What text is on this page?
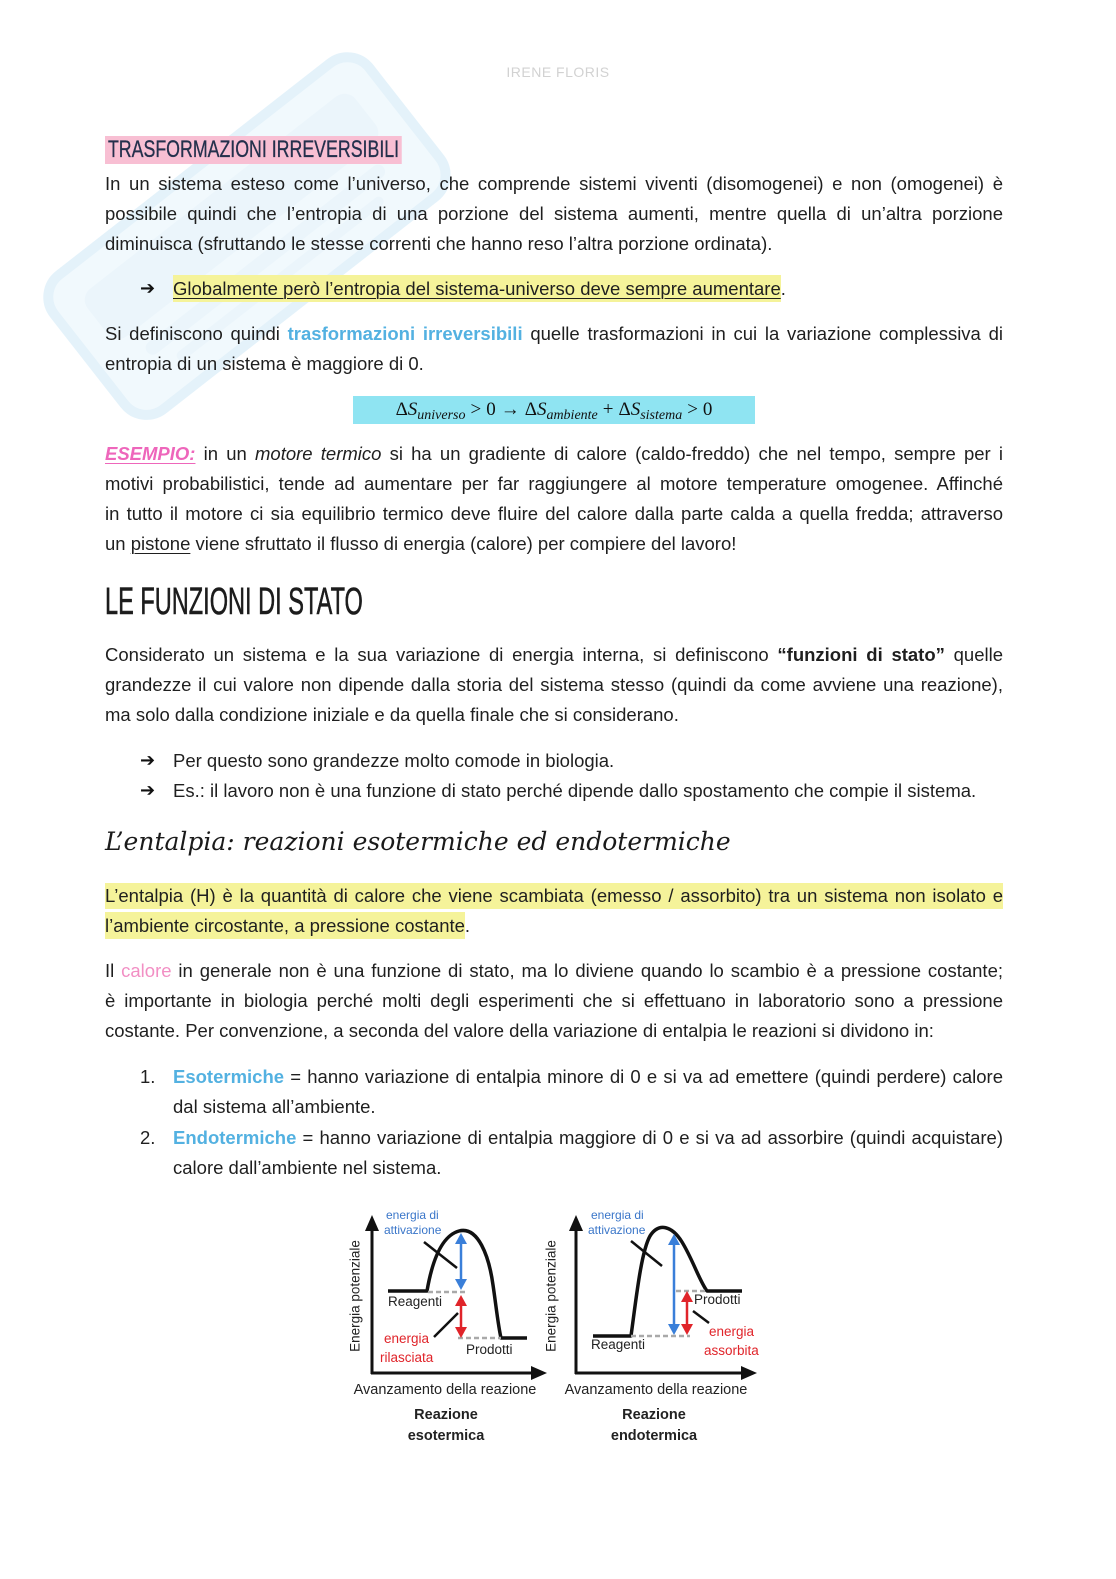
IRENE FLORIS
TRASFORMAZIONI IRREVERSIBILI
In un sistema esteso come l’universo, che comprende sistemi viventi (disomogenei) e non (omogenei) è
possibile quindi che l’entropia di una porzione del sistema aumenti, mentre quella di un’altra porzione
diminuisca (sfruttando le stesse correnti che hanno reso l’altra porzione ordinata).
➔ Globalmente però l’entropia del sistema-universo deve sempre aumentare.
Si definiscono quindi trasformazioni irreversibili quelle trasformazioni in cui la variazione complessiva di
entropia di un sistema è maggiore di 0.
$\Delta S_{universo} > 0 \to \Delta S_{ambiente} + \Delta S_{sistema} > 0$
ESEMPIO: in un motore termico si ha un gradiente di calore (caldo-freddo) che nel tempo, sempre per i
motivi probabilistici, tende ad aumentare per far raggiungere al motore temperature omogenee. Affinché
in tutto il motore ci sia equilibrio termico deve fluire del calore dalla parte calda a quella fredda; attraverso
un pistone viene sfruttato il flusso di energia (calore) per compiere del lavoro!
LE FUNZIONI DI STATO
Considerato un sistema e la sua variazione di energia interna, si definiscono “funzioni di stato” quelle
grandezze il cui valore non dipende dalla storia del sistema stesso (quindi da come avviene una reazione),
ma solo dalla condizione iniziale e da quella finale che si considerano.
➔ Per questo sono grandezze molto comode in biologia.
➔ Es.: il lavoro non è una funzione di stato perché dipende dallo spostamento che compie il sistema.
L’entalpia: reazioni esotermiche ed endotermiche
L’entalpia (H) è la quantità di calore che viene scambiata (emesso / assorbito) tra un sistema non isolato e
l’ambiente circostante, a pressione costante.
Il calore in generale non è una funzione di stato, ma lo diviene quando lo scambio è a pressione costante;
è importante in biologia perché molti degli esperimenti che si effettuano in laboratorio sono a pressione
costante. Per convenzione, a seconda del valore della variazione di entalpia le reazioni si dividono in:
1. Esotermiche = hanno variazione di entalpia minore di 0 e si va ad emettere (quindi perdere) calore
dal sistema all’ambiente.
2. Endotermiche = hanno variazione di entalpia maggiore di 0 e si va ad assorbire (quindi acquistare)
calore dall’ambiente nel sistema.
Energia potenziale
energia di
attivazione
Reagenti
energia
rilasciata
Prodotti
Avanzamento della reazione
Reazione
esotermica
Energia potenziale
energia di
attivazione
Prodotti
energia
assorbita
Reagenti
Avanzamento della reazione
Reazione
endotermica
